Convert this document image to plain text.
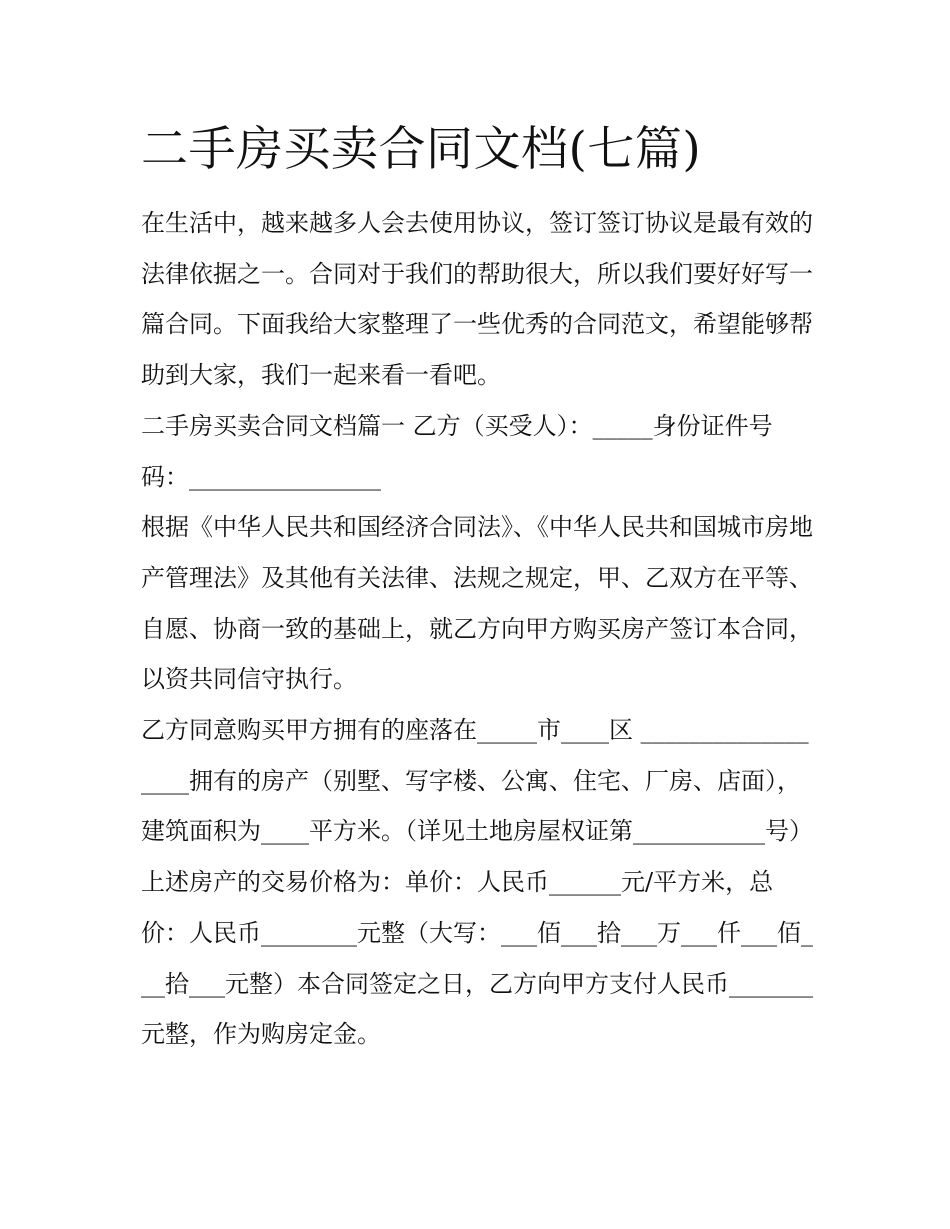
二手房买卖合同文档(七篇)

在生活中，越来越多人会去使用协议，签订签订协议是最有效的法律依据之一。合同对于我们的帮助很大，所以我们要好好写一篇合同。下面我给大家整理了一些优秀的合同范文，希望能够帮助到大家，我们一起来看一看吧。

二手房买卖合同文档篇一 乙方（买受人）：_____身份证件号码：________________

根据《中华人民共和国经济合同法》、《中华人民共和国城市房地产管理法》及其他有关法律、法规之规定，甲、乙双方在平等、自愿、协商一致的基础上，就乙方向甲方购买房产签订本合同，以资共同信守执行。

乙方同意购买甲方拥有的座落在_____市____区 __________________拥有的房产（别墅、写字楼、公寓、住宅、厂房、店面），建筑面积为____平方米。（详见土地房屋权证第___________号）

上述房产的交易价格为：单价：人民币______元/平方米，总价：人民币________元整（大写：___佰___拾___万___仟___佰___拾___元整）本合同签定之日，乙方向甲方支付人民币_______元整，作为购房定金。
